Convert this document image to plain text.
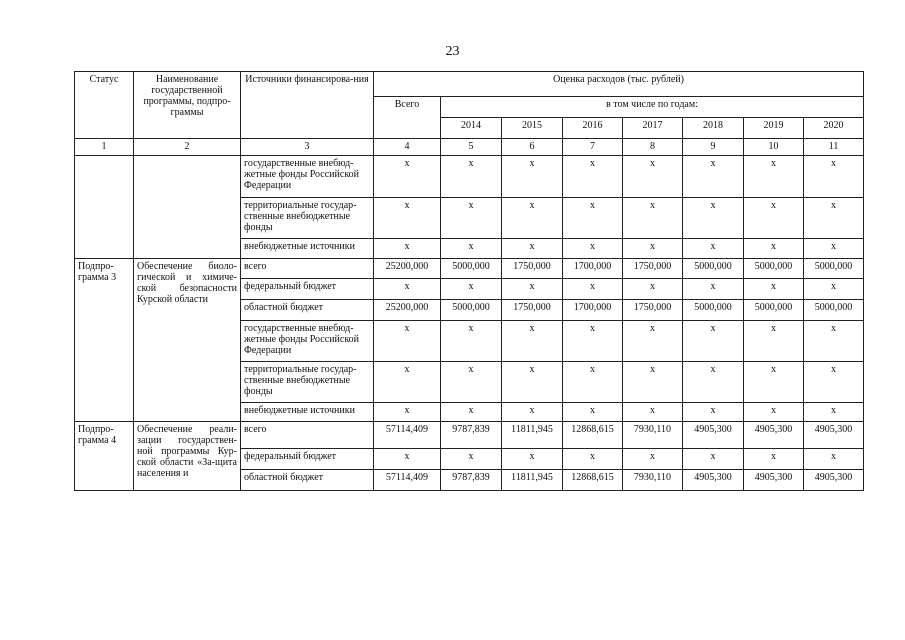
23
Статус	Наименование государственной программы, подпро-граммы	Источники финансирова-ния	Оценка расходов (тыс. рублей)							
			Всего	в том числе по годам:						
				2014	2015	2016	2017	2018	2019	2020
1	2	3	4	5	6	7	8	9	10	11
		государственные внебюд-жетные фонды Российской Федерации	x	x	x	x	x	x	x	x
		территориальные государ-ственные внебюджетные фонды	x	x	x	x	x	x	x	x
		внебюджетные источники	x	x	x	x	x	x	x	x
Подпро-грамма 3	Обеспечение биоло-гической и химиче-ской безопасности Курской области	всего	25200,000	5000,000	1750,000	1700,000	1750,000	5000,000	5000,000	5000,000
		федеральный бюджет	x	x	x	x	x	x	x	x
		областной бюджет	25200,000	5000,000	1750,000	1700,000	1750,000	5000,000	5000,000	5000,000
		государственные внебюд-жетные фонды Российской Федерации	x	x	x	x	x	x	x	x
		территориальные государ-ственные внебюджетные фонды	x	x	x	x	x	x	x	x
		внебюджетные источники	x	x	x	x	x	x	x	x
Подпро-грамма 4	Обеспечение реали-зации государствен-ной программы Кур-ской области «За-щита населения и	всего	57114,409	9787,839	11811,945	12868,615	7930,110	4905,300	4905,300	4905,300
		федеральный бюджет	x	x	x	x	x	x	x	x
		областной бюджет	57114,409	9787,839	11811,945	12868,615	7930,110	4905,300	4905,300	4905,300
